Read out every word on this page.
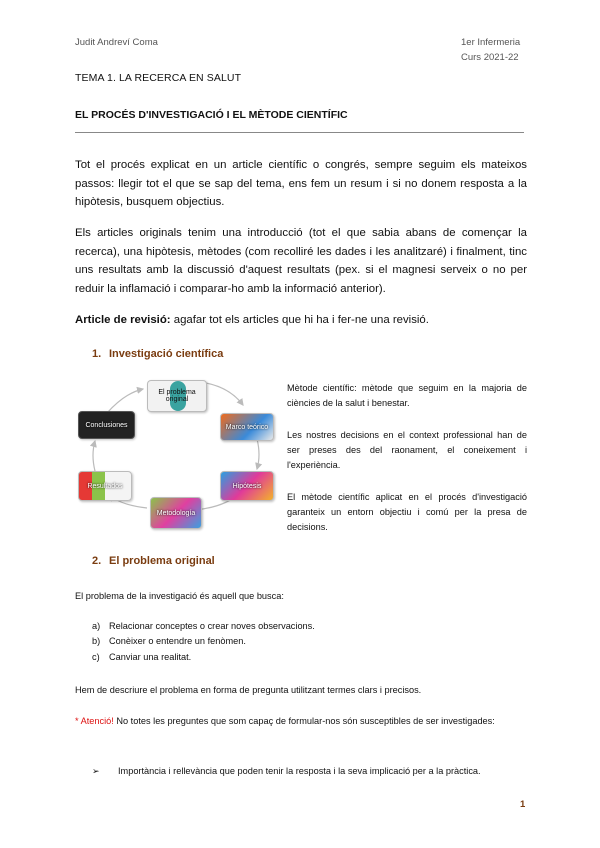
Judit Andreví Coma	1er Infermeria
Curs 2021-22
TEMA 1. LA RECERCA EN SALUT
EL PROCÉS D'INVESTIGACIÓ I EL MÈTODE CIENTÍFIC
Tot el procés explicat en un article científic o congrés, sempre seguim els mateixos passos: llegir tot el que se sap del tema, ens fem un resum i si no donem resposta a la hipòtesis, busquem objectius.
Els articles originals tenim una introducció (tot el que sabia abans de començar la recerca), una hipòtesis, mètodes (com recolliré les dades i les analitzaré) i finalment, tinc uns resultats amb la discussió d'aquest resultats (pex. si el magnesi serveix o no per reduir la inflamació i comparar-ho amb la informació anterior).
Article de revisió: agafar tot els articles que hi ha i fer-ne una revisió.
1. Investigació científica
El problema original
Marco teórico
Hipótesis
Metodología
Resultados
Conclusiones
Mètode científic: mètode que seguim en la majoria de ciències de la salut i benestar.
Les nostres decisions en el context professional han de ser preses des del raonament, el coneixement i l'experiència.
El mètode científic aplicat en el procés d'investigació garanteix un entorn objectiu i comú per la presa de decisions.
2. El problema original
El problema de la investigació és aquell que busca:
a) Relacionar conceptes o crear noves observacions.
b) Conèixer o entendre un fenòmen.
c) Canviar una realitat.
Hem de descriure el problema en forma de pregunta utilitzant termes clars i precisos.
* Atenció! No totes les preguntes que som capaç de formular-nos són susceptibles de ser investigades:
➢ Importància i rellevància que poden tenir la resposta i la seva implicació per a la pràctica.
1
